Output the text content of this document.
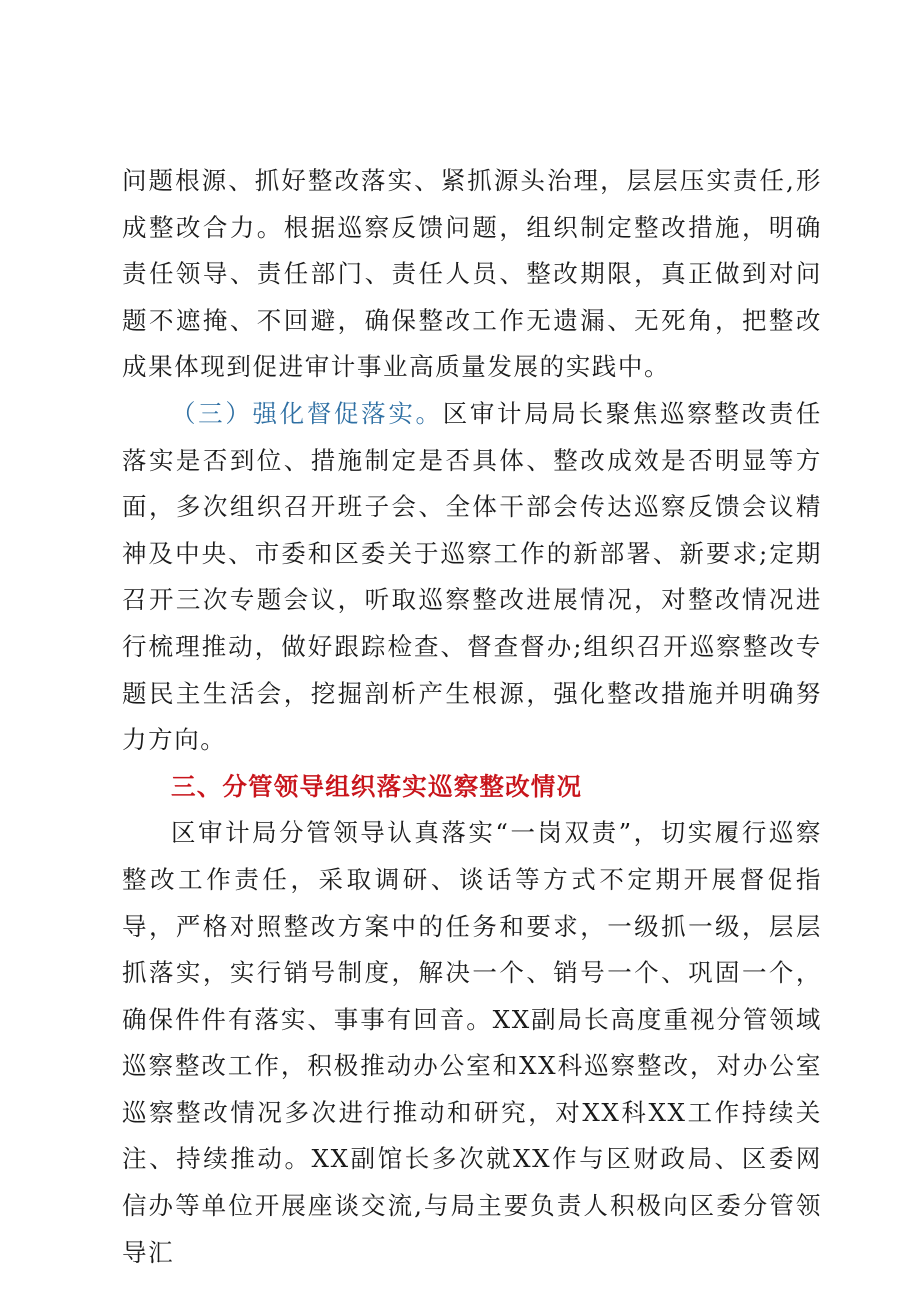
问题根源、抓好整改落实、紧抓源头治理，层层压实责任,形成整改合力。根据巡察反馈问题，组织制定整改措施，明确责任领导、责任部门、责任人员、整改期限，真正做到对问题不遮掩、不回避，确保整改工作无遗漏、无死角，把整改成果体现到促进审计事业高质量发展的实践中。

（三）强化督促落实。区审计局局长聚焦巡察整改责任落实是否到位、措施制定是否具体、整改成效是否明显等方面，多次组织召开班子会、全体干部会传达巡察反馈会议精神及中央、市委和区委关于巡察工作的新部署、新要求;定期召开三次专题会议，听取巡察整改进展情况，对整改情况进行梳理推动，做好跟踪检查、督查督办;组织召开巡察整改专题民主生活会，挖掘剖析产生根源，强化整改措施并明确努力方向。

三、分管领导组织落实巡察整改情况

区审计局分管领导认真落实“一岗双责”，切实履行巡察整改工作责任，采取调研、谈话等方式不定期开展督促指导，严格对照整改方案中的任务和要求，一级抓一级，层层抓落实，实行销号制度，解决一个、销号一个、巩固一个，确保件件有落实、事事有回音。XX副局长高度重视分管领域巡察整改工作，积极推动办公室和XX科巡察整改，对办公室巡察整改情况多次进行推动和研究，对XX科XX工作持续关注、持续推动。XX副馆长多次就XX作与区财政局、区委网信办等单位开展座谈交流,与局主要负责人积极向区委分管领导汇
